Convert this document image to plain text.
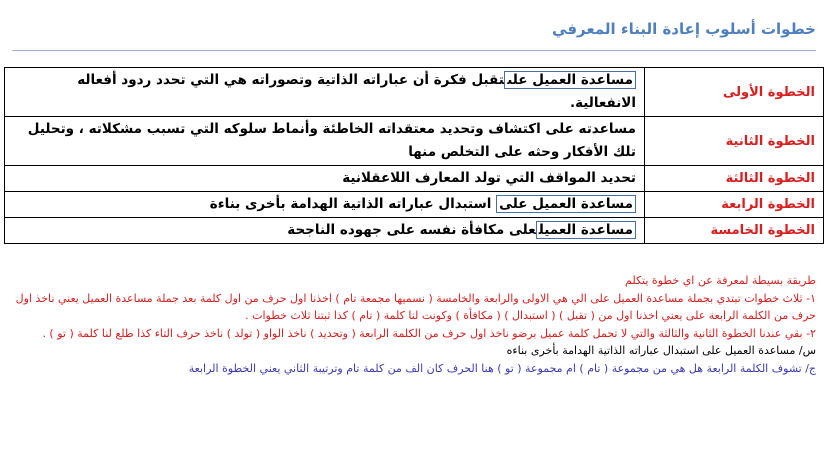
خطوات أسلوب إعادة البناء المعرفي
الخطوة الأولى	مساعدة العميل علىتقبل فكرة أن عباراته الذاتية وتصوراته هي التي تحدد ردود أفعاله الانفعالية.
الخطوة الثانية	مساعدته على اكتشاف وتحديد معتقداته الخاطئة وأنماط سلوكه التي تسبب مشكلاته ، وتحليل تلك الأفكار وحثه على التخلص منها
الخطوة الثالثة	تحديد المواقف التي تولد المعارف اللاعقلانية
الخطوة الرابعة	مساعدة العميل على استبدال عباراته الذاتية الهدامة بأخرى بناءة
الخطوة الخامسة	مساعدة العميلعلى مكافأة نفسه على جهوده الناجحة
طريقة بسيطة لمعرفة عن اي خطوة يتكلم
١- ثلاث خطوات تبتدي بجملة مساعدة العميل على الي هي الاولى والرابعة والخامسة ( نسميها مجمعة تام ) اخذنا اول حرف من اول كلمة بعد جملة مساعدة العميل يعني ناخذ اول حرف من الكلمة الرابعة على يعني اخذنا اول من ( تقبل ) ( استبدال ) ( مكافأة ) وكونت لنا كلمة ( تام ) كذا ثبتنا ثلاث خطوات .
٢- بقي عندنا الخطوة الثانية والثالثة والتي لا تحمل كلمة عميل برضو ناخذ اول حرف من الكلمة الرابعة ( وتحديد ) ناخذ الواو ( تولد ) ناخذ حرف التاء كذا طلع لنا كلمة ( تو ) .
س/ مساعدة العميل على استبدال عباراته الذاتية الهدامة بأخرى بناءه
ج/ تشوف الكلمة الرابعة هل هي من مجموعة ( تام ) ام مجموعة ( تو ) هنا الحرف كان الف من كلمة تام وترتيبة الثاني يعني الخطوة الرابعة
